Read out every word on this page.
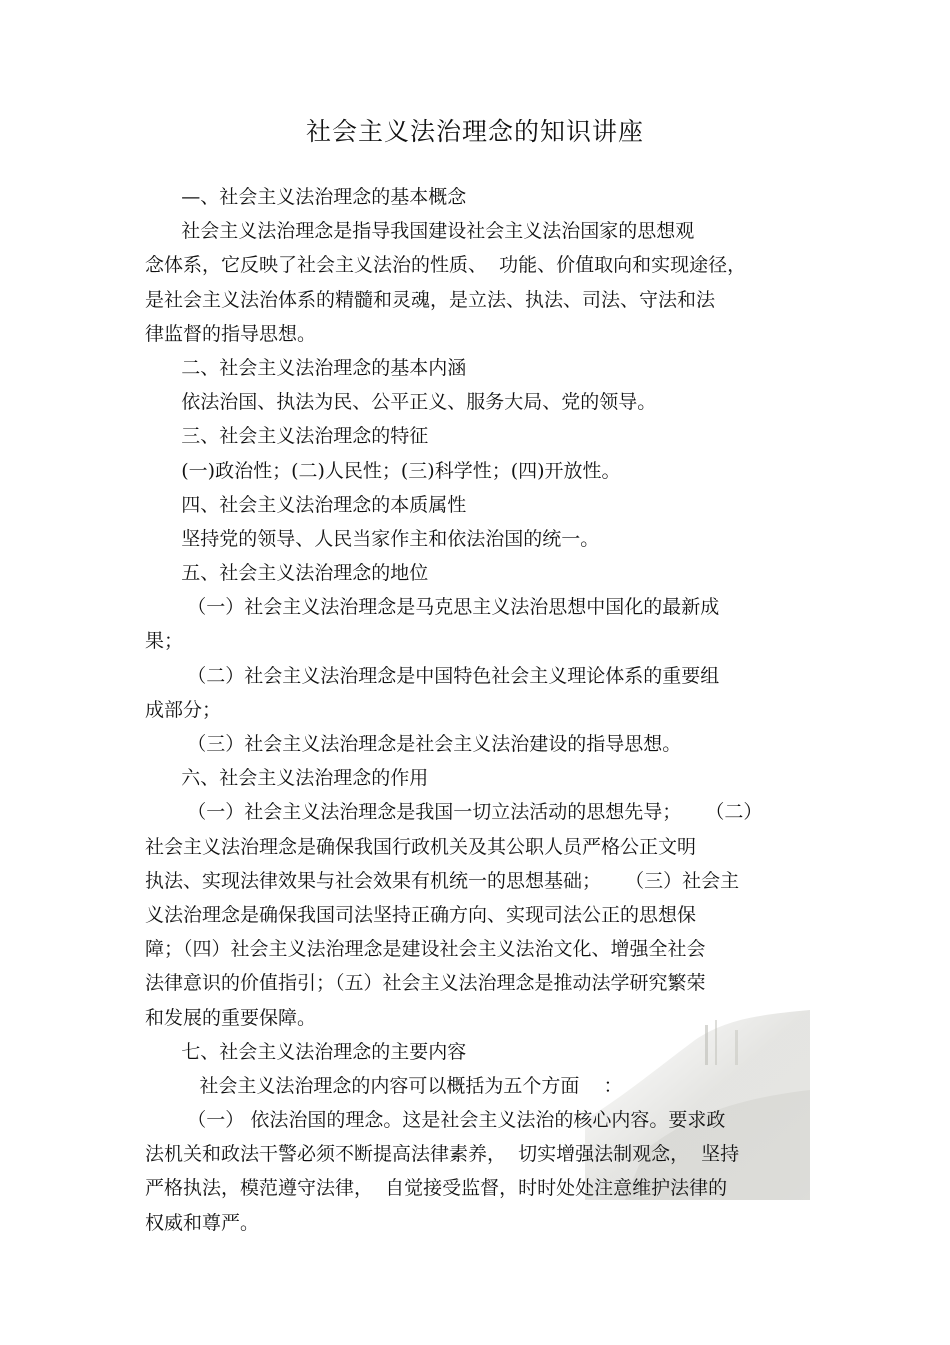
社会主义法治理念的知识讲座
—、社会主义法治理念的基本概念
社会主义法治理念是指导我国建设社会主义法治国家的思想观
念体系，它反映了社会主义法治的性质、  功能、价值取向和实现途径，
是社会主义法治体系的精髓和灵魂，是立法、执法、司法、守法和法
律监督的指导思想。
二、社会主义法治理念的基本内涵
依法治国、执法为民、公平正义、服务大局、党的领导。
三、社会主义法治理念的特征
(一)政治性；(二)人民性；(三)科学性；(四)开放性。
四、社会主义法治理念的本质属性
坚持党的领导、人民当家作主和依法治国的统一。
五、社会主义法治理念的地位
（一）社会主义法治理念是马克思主义法治思想中国化的最新成
果；
（二）社会主义法治理念是中国特色社会主义理论体系的重要组
成部分；
（三）社会主义法治理念是社会主义法治建设的指导思想。
六、社会主义法治理念的作用
（一）社会主义法治理念是我国一切立法活动的思想先导；    （二）
社会主义法治理念是确保我国行政机关及其公职人员严格公正文明
执法、实现法律效果与社会效果有机统一的思想基础；    （三）社会主
义法治理念是确保我国司法坚持正确方向、实现司法公正的思想保
障；（四）社会主义法治理念是建设社会主义法治文化、增强全社会
法律意识的价值指引；（五）社会主义法治理念是推动法学研究繁荣
和发展的重要保障。
七、社会主义法治理念的主要内容
社会主义法治理念的内容可以概括为五个方面    ：
（一） 依法治国的理念。这是社会主义法治的核心内容。要求政
法机关和政法干警必须不断提高法律素养，  切实增强法制观念，  坚持
严格执法，模范遵守法律，  自觉接受监督，时时处处注意维护法律的
权威和尊严。
